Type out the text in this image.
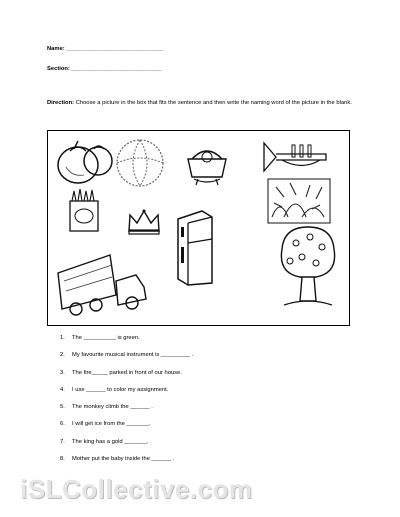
Name: ______________________________
Section: ____________________________
Direction: Choose a picture in the box that fits the sentence and then write the naming word of the picture in the blank.
1.	The __________ is green.
2.	My favourite musical instrument is _________ .
3.	The fire_____ parked in front of our house.
4.	I use ______ to color my assignment.
5.	The monkey climb the ______ .
6.	I will get ice from the _______.
7.	The king has a gold _______.
8.	Mother put the baby inside the ______ .
iSLCollective.com
